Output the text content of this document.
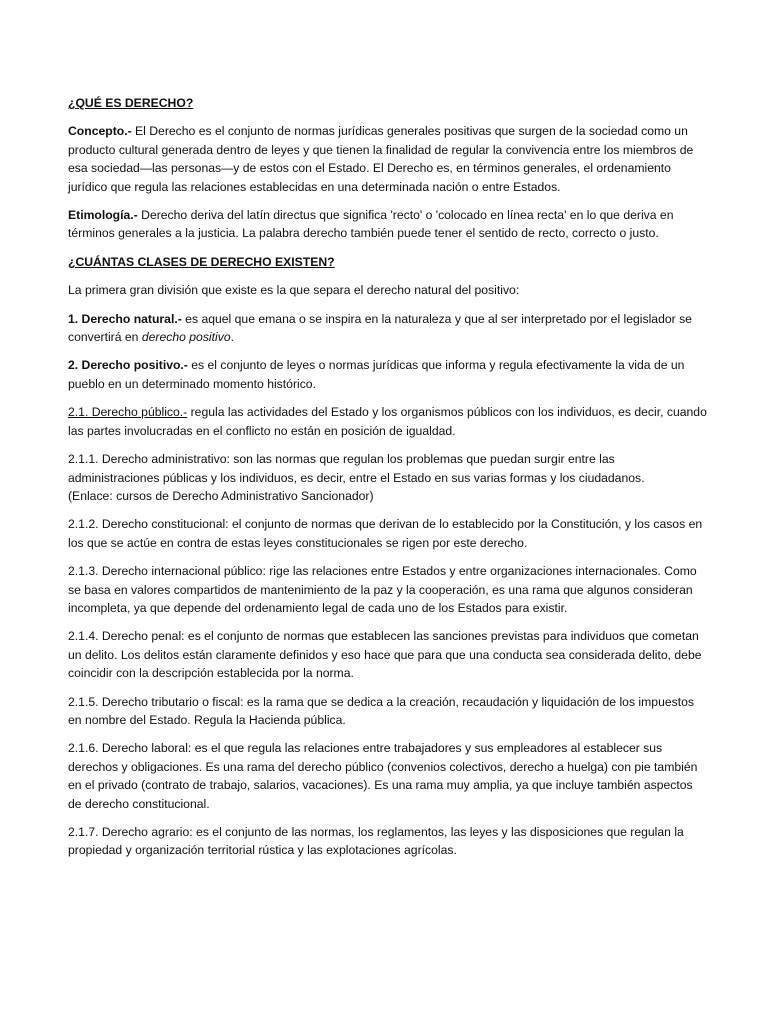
¿QUÉ ES DERECHO?

Concepto.- El Derecho es el conjunto de normas jurídicas generales positivas que surgen de la sociedad como un producto cultural generada dentro de leyes y que tienen la finalidad de regular la convivencia entre los miembros de esa sociedad—las personas—y de estos con el Estado. El Derecho es, en términos generales, el ordenamiento jurídico que regula las relaciones establecidas en una determinada nación o entre Estados.

Etimología.- Derecho deriva del latín directus que significa 'recto' o 'colocado en línea recta' en lo que deriva en términos generales a la justicia. La palabra derecho también puede tener el sentido de recto, correcto o justo.

¿CUÁNTAS CLASES DE DERECHO EXISTEN?

La primera gran división que existe es la que separa el derecho natural del positivo:

1. Derecho natural.- es aquel que emana o se inspira en la naturaleza y que al ser interpretado por el legislador se convertirá en derecho positivo.

2. Derecho positivo.- es el conjunto de leyes o normas jurídicas que informa y regula efectivamente la vida de un pueblo en un determinado momento histórico.

2.1. Derecho público.- regula las actividades del Estado y los organismos públicos con los individuos, es decir, cuando las partes involucradas en el conflicto no están en posición de igualdad.

2.1.1. Derecho administrativo: son las normas que regulan los problemas que puedan surgir entre las administraciones públicas y los individuos, es decir, entre el Estado en sus varias formas y los ciudadanos.
(Enlace: cursos de Derecho Administrativo Sancionador)

2.1.2. Derecho constitucional: el conjunto de normas que derivan de lo establecido por la Constitución, y los casos en los que se actúe en contra de estas leyes constitucionales se rigen por este derecho.

2.1.3. Derecho internacional público: rige las relaciones entre Estados y entre organizaciones internacionales. Como se basa en valores compartidos de mantenimiento de la paz y la cooperación, es una rama que algunos consideran incompleta, ya que depende del ordenamiento legal de cada uno de los Estados para existir.

2.1.4. Derecho penal: es el conjunto de normas que establecen las sanciones previstas para individuos que cometan un delito. Los delitos están claramente definidos y eso hace que para que una conducta sea considerada delito, debe coincidir con la descripción establecida por la norma.

2.1.5. Derecho tributario o fiscal: es la rama que se dedica a la creación, recaudación y liquidación de los impuestos en nombre del Estado. Regula la Hacienda pública.

2.1.6. Derecho laboral: es el que regula las relaciones entre trabajadores y sus empleadores al establecer sus derechos y obligaciones. Es una rama del derecho público (convenios colectivos, derecho a huelga) con pie también en el privado (contrato de trabajo, salarios, vacaciones). Es una rama muy amplia, ya que incluye también aspectos de derecho constitucional.

2.1.7. Derecho agrario: es el conjunto de las normas, los reglamentos, las leyes y las disposiciones que regulan la propiedad y organización territorial rústica y las explotaciones agrícolas.
